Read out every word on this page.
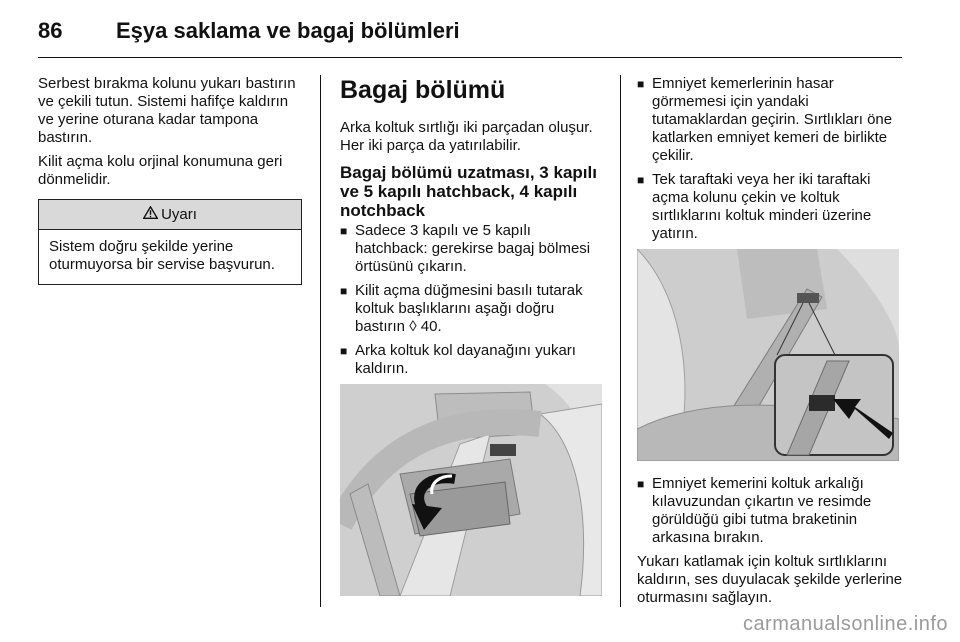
86 Eşya saklama ve bagaj bölümleri

Serbest bırakma kolunu yukarı bastırın ve çekili tutun. Sistemi hafifçe kaldırın ve yerine oturana kadar tampona bastırın.

Kilit açma kolu orjinal konumuna geri dönmelidir.

Uyarı
Sistem doğru şekilde yerine oturmuyorsa bir servise başvurun.
Bagaj bölümü

Arka koltuk sırtlığı iki parçadan oluşur. Her iki parça da yatırılabilir.

Bagaj bölümü uzatması, 3 kapılı ve 5 kapılı hatchback, 4 kapılı notchback
■ Sadece 3 kapılı ve 5 kapılı hatchback: gerekirse bagaj bölmesi örtüsünü çıkarın.
■ Kilit açma düğmesini basılı tutarak koltuk başlıklarını aşağı doğru bastırın ◊ 40.
■ Arka koltuk kol dayanağını yukarı kaldırın.
■ Emniyet kemerlerinin hasar görmemesi için yandaki tutamaklardan geçirin. Sırtlıkları öne katlarken emniyet kemeri de birlikte çekilir.
■ Tek taraftaki veya her iki taraftaki açma kolunu çekin ve koltuk sırtlıklarını koltuk minderi üzerine yatırın.
■ Emniyet kemerini koltuk arkalığı kılavuzundan çıkartın ve resimde görüldüğü gibi tutma braketinin arkasına bırakın.

Yukarı katlamak için koltuk sırtlıklarını kaldırın, ses duyulacak şekilde yerlerine oturmasını sağlayın.

carmanualsonline.info
